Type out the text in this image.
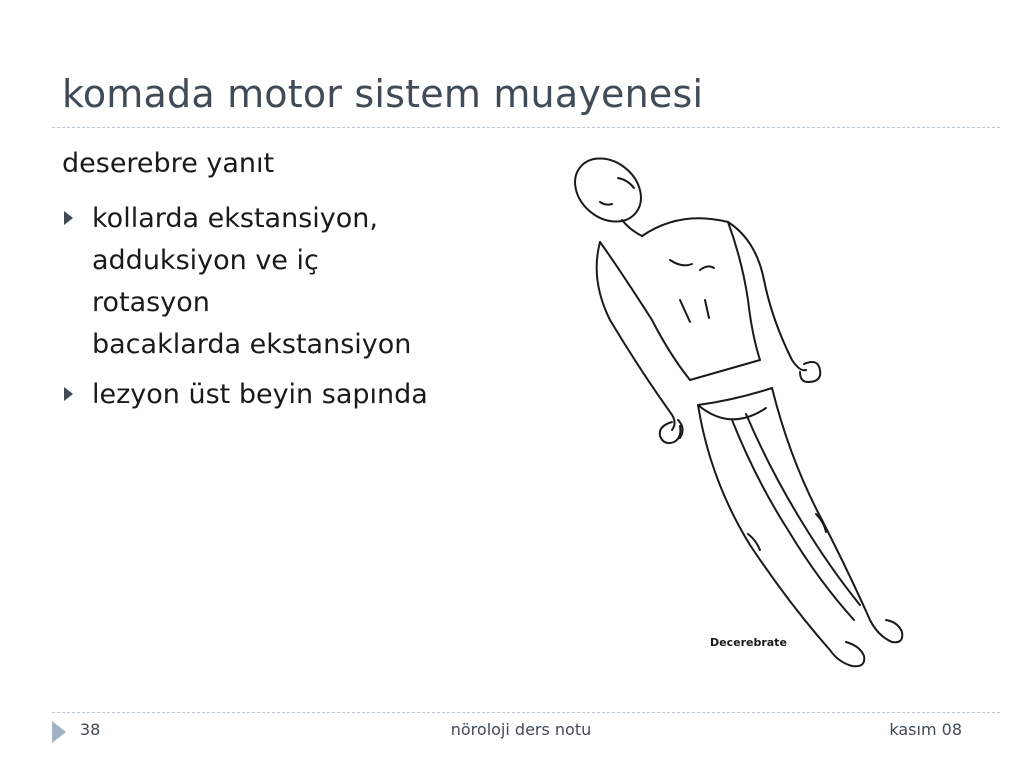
komada motor sistem muayenesi
deserebre yanıt
kollarda ekstansiyon,
adduksiyon ve iç
rotasyon
bacaklarda ekstansiyon
lezyon üst beyin sapında
Decerebrate
38	nöroloji ders notu	kasım 08
